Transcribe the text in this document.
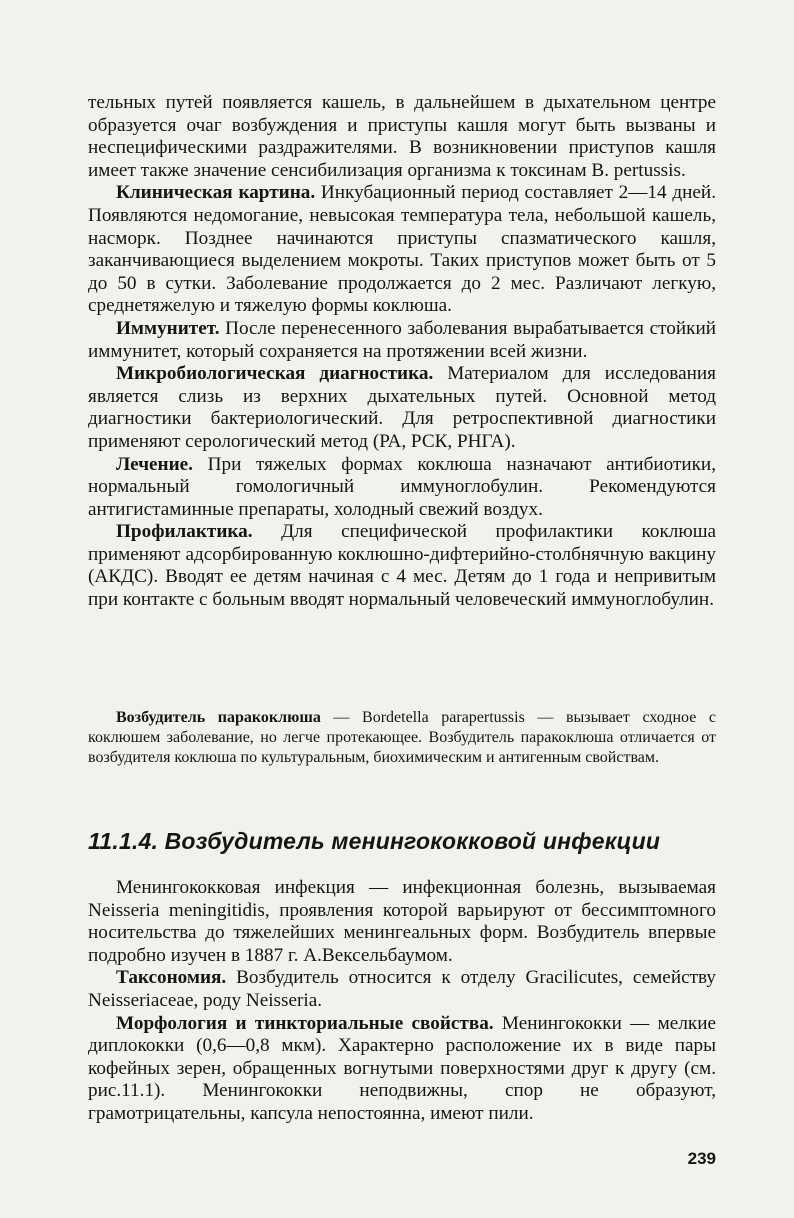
тельных путей появляется кашель, в дальнейшем в дыхательном центре образуется очаг возбуждения и приступы кашля могут быть вызваны и неспецифическими раздражителями. В возникновении приступов кашля имеет также значение сенсибилизация организма к токсинам B. pertussis.

Клиническая картина. Инкубационный период составляет 2—14 дней. Появляются недомогание, невысокая температура тела, небольшой кашель, насморк. Позднее начинаются приступы спазматического кашля, заканчивающиеся выделением мокроты. Таких приступов может быть от 5 до 50 в сутки. Заболевание продолжается до 2 мес. Различают легкую, среднетяжелую и тяжелую формы коклюша.

Иммунитет. После перенесенного заболевания вырабатывается стойкий иммунитет, который сохраняется на протяжении всей жизни.

Микробиологическая диагностика. Материалом для исследования является слизь из верхних дыхательных путей. Основной метод диагностики бактериологический. Для ретроспективной диагностики применяют серологический метод (РА, РСК, РНГА).

Лечение. При тяжелых формах коклюша назначают антибиотики, нормальный гомологичный иммуноглобулин. Рекомендуются антигистаминные препараты, холодный свежий воздух.

Профилактика. Для специфической профилактики коклюша применяют адсорбированную коклюшно-дифтерийно-столбнячную вакцину (АКДС). Вводят ее детям начиная с 4 мес. Детям до 1 года и непривитым при контакте с больным вводят нормальный человеческий иммуноглобулин.

Возбудитель паракоклюша — Bordetella parapertussis — вызывает сходное с коклюшем заболевание, но легче протекающее. Возбудитель паракоклюша отличается от возбудителя коклюша по культуральным, биохимическим и антигенным свойствам.

11.1.4. Возбудитель менингококковой инфекции

Менингококковая инфекция — инфекционная болезнь, вызываемая Neisseria meningitidis, проявления которой варьируют от бессимптомного носительства до тяжелейших менингеальных форм. Возбудитель впервые подробно изучен в 1887 г. А.Вексельбаумом.

Таксономия. Возбудитель относится к отделу Gracilicutes, семейству Neisseriaceae, роду Neisseria.

Морфология и тинкториальные свойства. Менингококки — мелкие диплококки (0,6—0,8 мкм). Характерно расположение их в виде пары кофейных зерен, обращенных вогнутыми поверхностями друг к другу (см. рис.11.1). Менингококки неподвижны, спор не образуют, грамотрицательны, капсула непостоянна, имеют пили.

239
